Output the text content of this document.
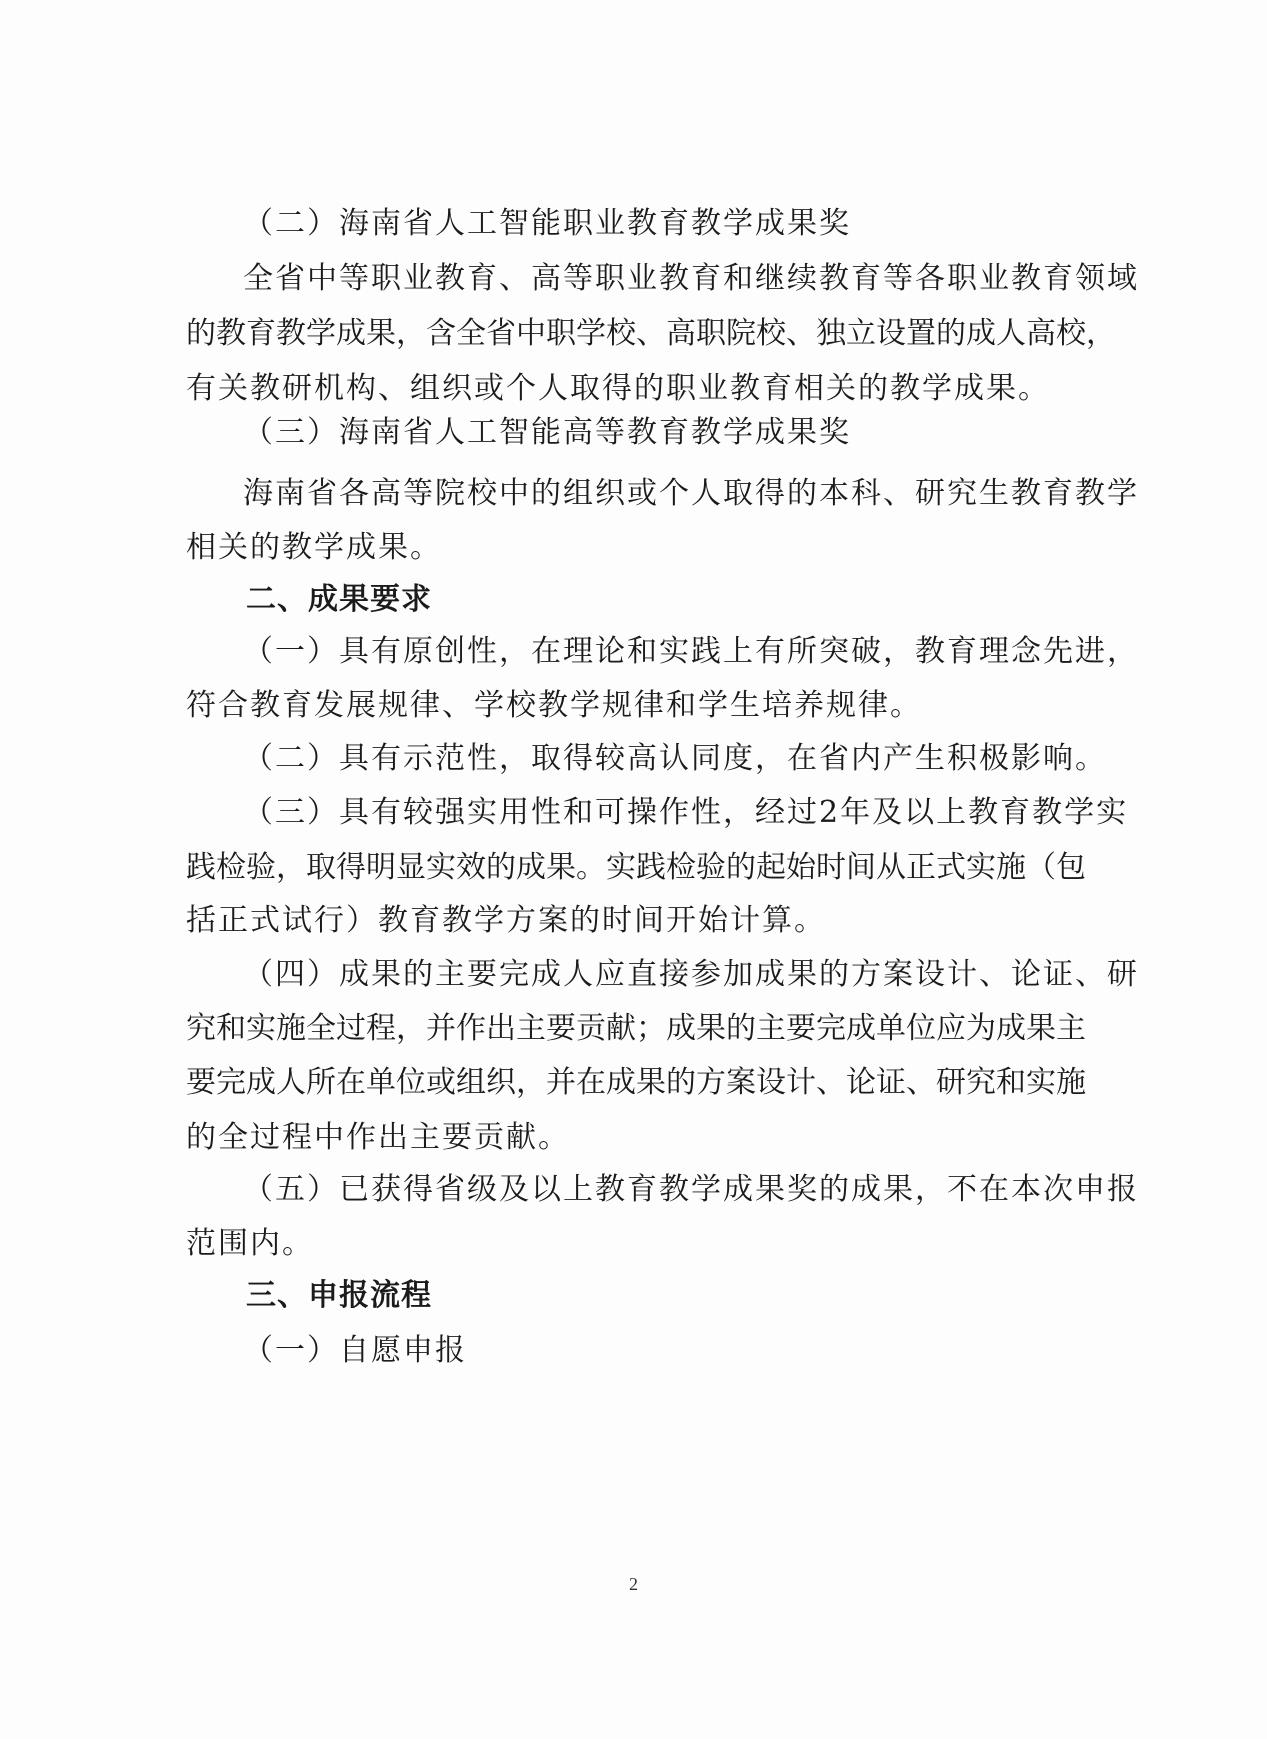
（二）海南省人工智能职业教育教学成果奖

全省中等职业教育、高等职业教育和继续教育等各职业教育领域

的教育教学成果，含全省中职学校、高职院校、独立设置的成人高校，

有关教研机构、组织或个人取得的职业教育相关的教学成果。

（三）海南省人工智能高等教育教学成果奖

海南省各高等院校中的组织或个人取得的本科、研究生教育教学

相关的教学成果。

二、成果要求

（一）具有原创性，在理论和实践上有所突破，教育理念先进，

符合教育发展规律、学校教学规律和学生培养规律。

（二）具有示范性，取得较高认同度，在省内产生积极影响。

（三）具有较强实用性和可操作性，经过2年及以上教育教学实

践检验，取得明显实效的成果。实践检验的起始时间从正式实施（包

括正式试行）教育教学方案的时间开始计算。

（四）成果的主要完成人应直接参加成果的方案设计、论证、研

究和实施全过程，并作出主要贡献；成果的主要完成单位应为成果主

要完成人所在单位或组织，并在成果的方案设计、论证、研究和实施

的全过程中作出主要贡献。

（五）已获得省级及以上教育教学成果奖的成果，不在本次申报

范围内。

三、申报流程

（一）自愿申报

2
